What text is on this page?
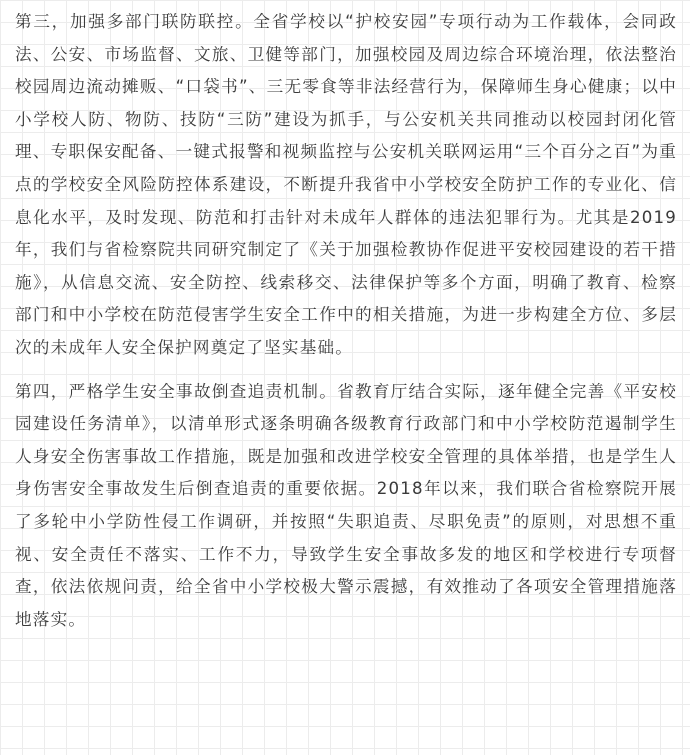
第三，加强多部门联防联控。全省学校以“护校安园”专项行动为工作载体，会同政法、公安、市场监督、文旅、卫健等部门，加强校园及周边综合环境治理，依法整治校园周边流动摊贩、“口袋书”、三无零食等非法经营行为，保障师生身心健康；以中小学校人防、物防、技防“三防”建设为抓手，与公安机关共同推动以校园封闭化管理、专职保安配备、一键式报警和视频监控与公安机关联网运用“三个百分之百”为重点的学校安全风险防控体系建设，不断提升我省中小学校安全防护工作的专业化、信息化水平，及时发现、防范和打击针对未成年人群体的违法犯罪行为。尤其是2019年，我们与省检察院共同研究制定了《关于加强检教协作促进平安校园建设的若干措施》，从信息交流、安全防控、线索移交、法律保护等多个方面，明确了教育、检察部门和中小学校在防范侵害学生安全工作中的相关措施，为进一步构建全方位、多层次的未成年人安全保护网奠定了坚实基础。

第四，严格学生安全事故倒查追责机制。省教育厅结合实际，逐年健全完善《平安校园建设任务清单》，以清单形式逐条明确各级教育行政部门和中小学校防范遏制学生人身安全伤害事故工作措施，既是加强和改进学校安全管理的具体举措，也是学生人身伤害安全事故发生后倒查追责的重要依据。2018年以来，我们联合省检察院开展了多轮中小学防性侵工作调研，并按照“失职追责、尽职免责”的原则，对思想不重视、安全责任不落实、工作不力，导致学生安全事故多发的地区和学校进行专项督查，依法依规问责，给全省中小学校极大警示震撼，有效推动了各项安全管理措施落地落实。
